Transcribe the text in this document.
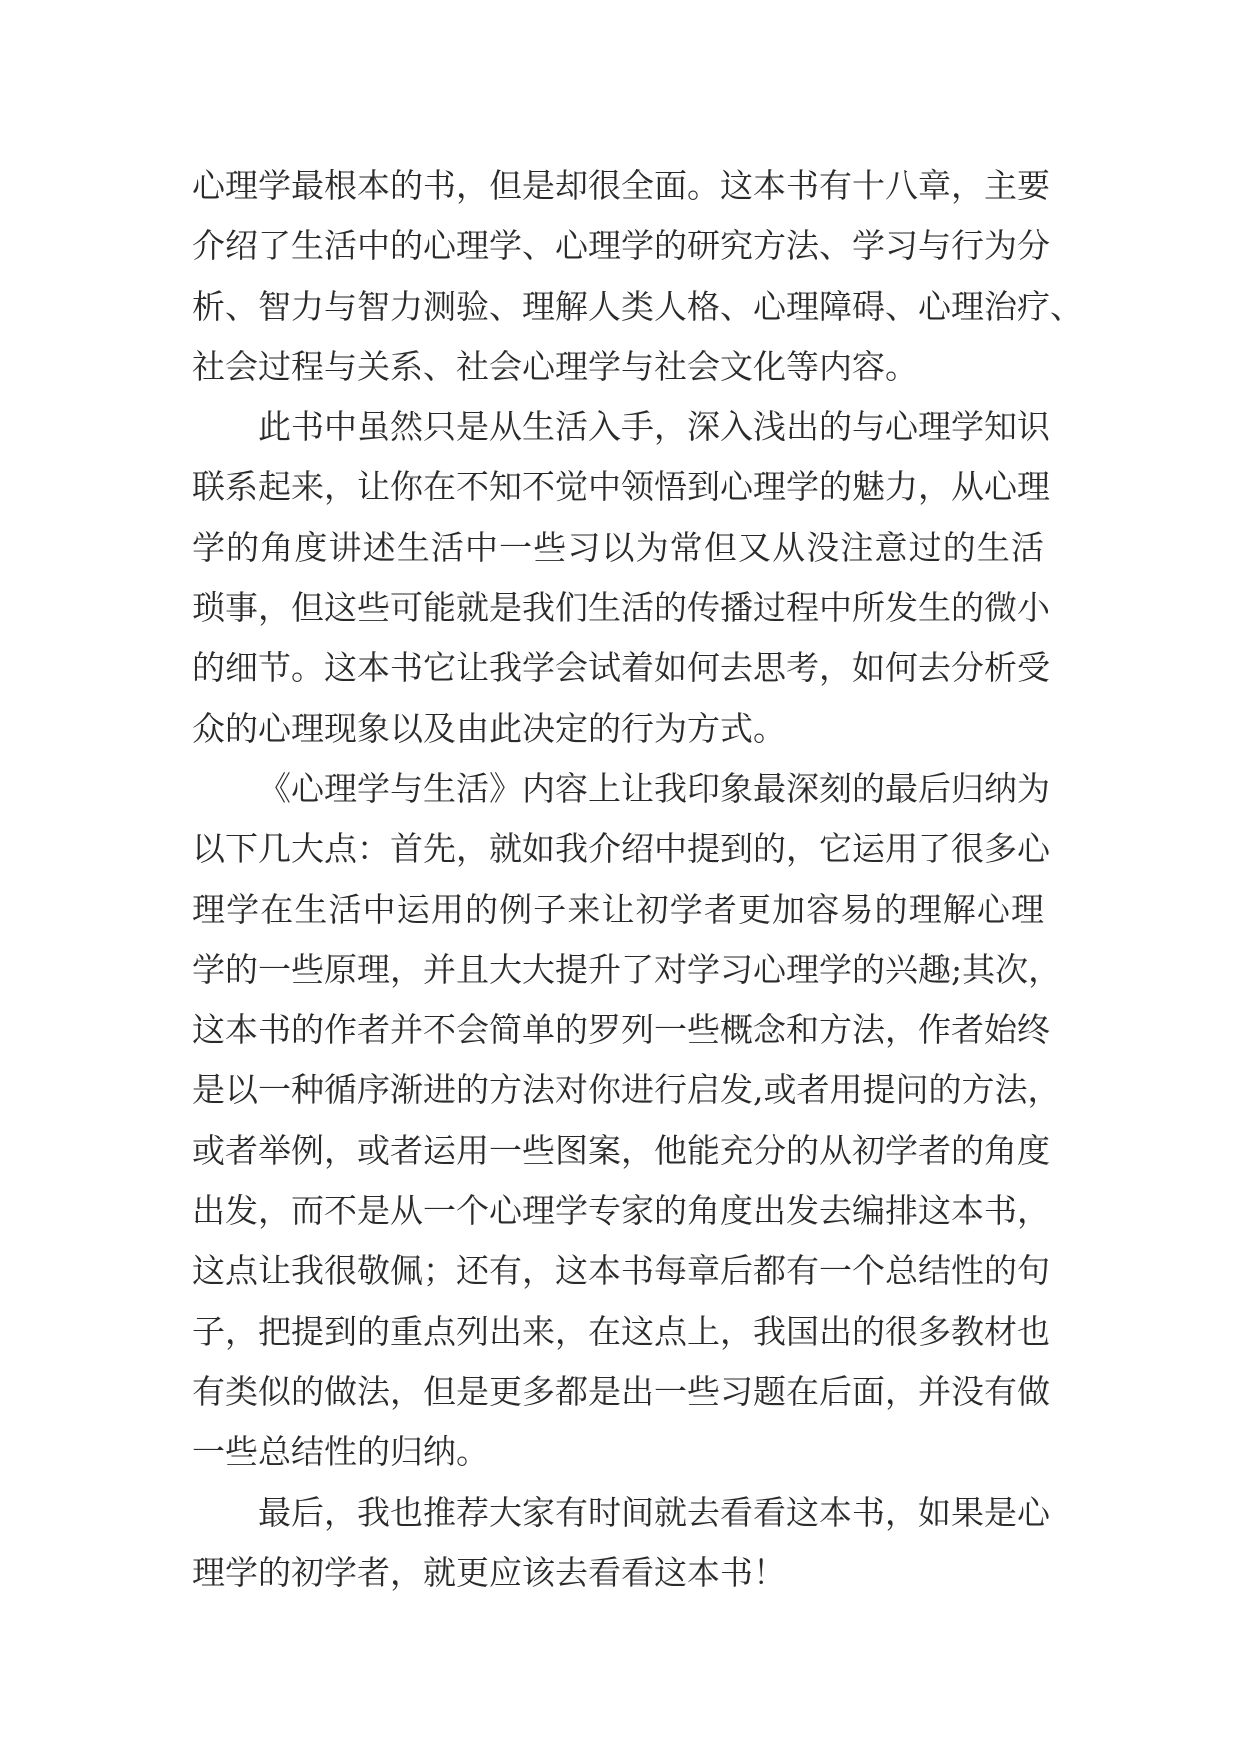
心理学最根本的书，但是却很全面。这本书有十八章，主要
介绍了生活中的心理学、心理学的研究方法、学习与行为分
析、智力与智力测验、理解人类人格、心理障碍、心理治疗、
社会过程与关系、社会心理学与社会文化等内容。
此书中虽然只是从生活入手，深入浅出的与心理学知识
联系起来，让你在不知不觉中领悟到心理学的魅力，从心理
学的角度讲述生活中一些习以为常但又从没注意过的生活
琐事，但这些可能就是我们生活的传播过程中所发生的微小
的细节。这本书它让我学会试着如何去思考，如何去分析受
众的心理现象以及由此决定的行为方式。
《心理学与生活》内容上让我印象最深刻的最后归纳为
以下几大点：首先，就如我介绍中提到的，它运用了很多心
理学在生活中运用的例子来让初学者更加容易的理解心理
学的一些原理，并且大大提升了对学习心理学的兴趣;其次，
这本书的作者并不会简单的罗列一些概念和方法，作者始终
是以一种循序渐进的方法对你进行启发,或者用提问的方法，
或者举例，或者运用一些图案，他能充分的从初学者的角度
出发，而不是从一个心理学专家的角度出发去编排这本书，
这点让我很敬佩；还有，这本书每章后都有一个总结性的句
子，把提到的重点列出来，在这点上，我国出的很多教材也
有类似的做法，但是更多都是出一些习题在后面，并没有做
一些总结性的归纳。
最后，我也推荐大家有时间就去看看这本书，如果是心
理学的初学者，就更应该去看看这本书！
